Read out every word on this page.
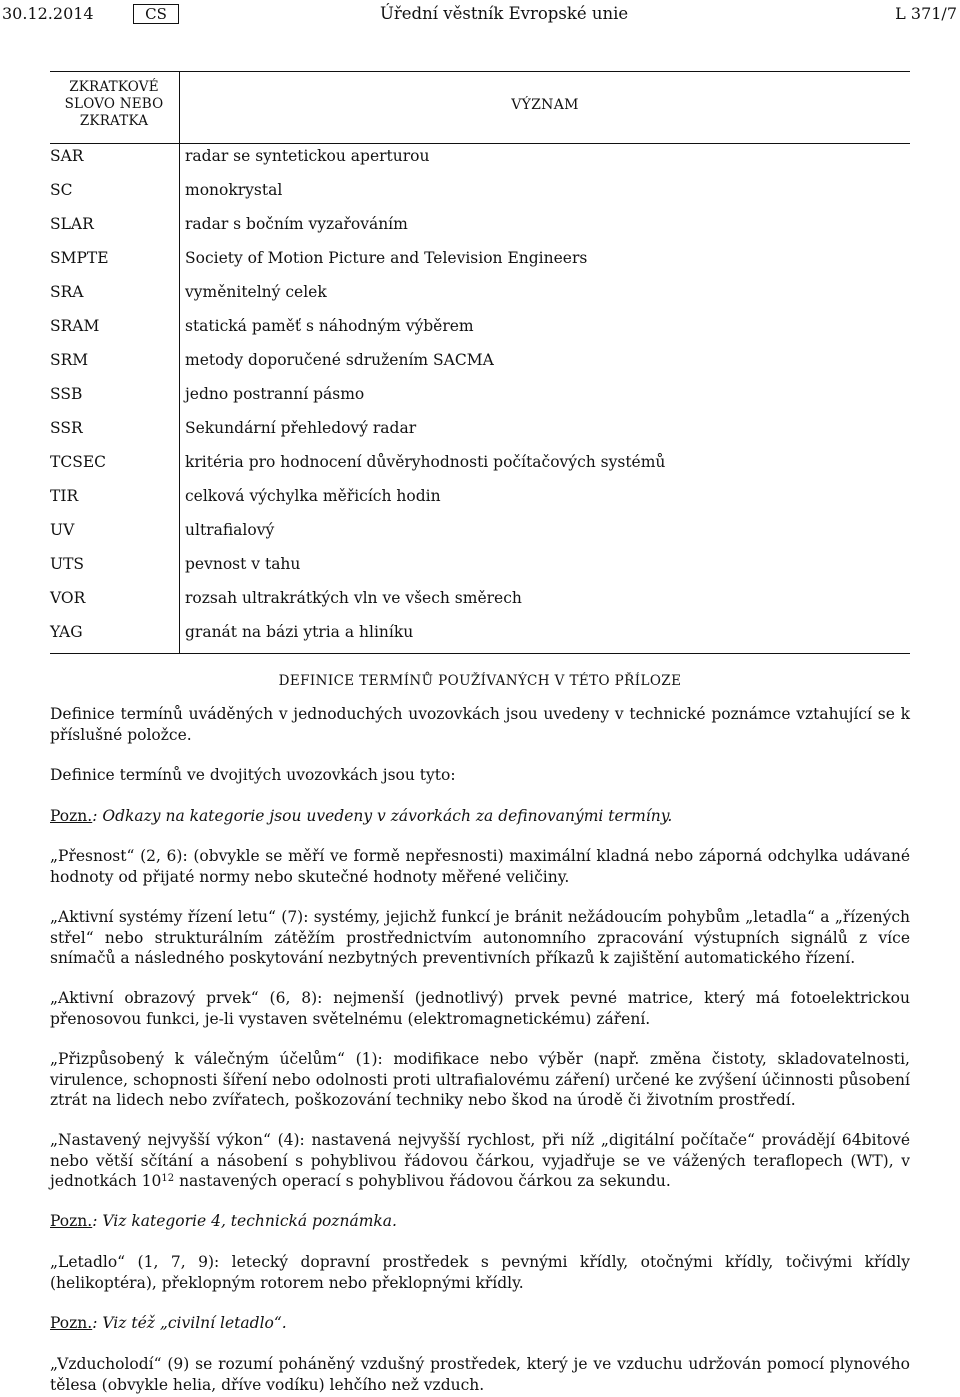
30.12.2014	CS	Úřední věstník Evropské unie	L 371/7
ZKRATKOVÉ SLOVO NEBO ZKRATKA
VÝZNAM
SAR	radar se syntetickou aperturou
SC	monokrystal
SLAR	radar s bočním vyzařováním
SMPTE	Society of Motion Picture and Television Engineers
SRA	vyměnitelný celek
SRAM	statická paměť s náhodným výběrem
SRM	metody doporučené sdružením SACMA
SSB	jedno postranní pásmo
SSR	Sekundární přehledový radar
TCSEC	kritéria pro hodnocení důvěryhodnosti počítačových systémů
TIR	celková výchylka měřicích hodin
UV	ultrafialový
UTS	pevnost v tahu
VOR	rozsah ultrakrátkých vln ve všech směrech
YAG	granát na bázi ytria a hliníku
DEFINICE TERMÍNŮ POUŽÍVANÝCH V TÉTO PŘÍLOZE

Definice termínů uváděných v jednoduchých uvozovkách jsou uvedeny v technické poznámce vztahující se k příslušné položce.

Definice termínů ve dvojitých uvozovkách jsou tyto:

Pozn.: Odkazy na kategorie jsou uvedeny v závorkách za definovanými termíny.

„Přesnost“ (2, 6): (obvykle se měří ve formě nepřesnosti) maximální kladná nebo záporná odchylka udávané hodnoty od přijaté normy nebo skutečné hodnoty měřené veličiny.

„Aktivní systémy řízení letu“ (7): systémy, jejichž funkcí je bránit nežádoucím pohybům „letadla“ a „řízených střel“ nebo strukturálním zátěžím prostřednictvím autonomního zpracování výstupních signálů z více snímačů a následného poskytování nezbytných preventivních příkazů k zajištění automatického řízení.

„Aktivní obrazový prvek“ (6, 8): nejmenší (jednotlivý) prvek pevné matrice, který má fotoelektrickou přenosovou funkci, je-li vystaven světelnému (elektromagnetickému) záření.

„Přizpůsobený k válečným účelům“ (1): modifikace nebo výběr (např. změna čistoty, skladovatelnosti, virulence, schopnosti šíření nebo odolnosti proti ultrafialovému záření) určené ke zvýšení účinnosti působení ztrát na lidech nebo zvířatech, poškozování techniky nebo škod na úrodě či životním prostředí.

„Nastavený nejvyšší výkon“ (4): nastavená nejvyšší rychlost, při níž „digitální počítače“ provádějí 64bitové nebo větší sčítání a násobení s pohyblivou řádovou čárkou, vyjadřuje se ve vážených teraflopech (WT), v jednotkách $10^{12}$ nastavených operací s pohyblivou řádovou čárkou za sekundu.

Pozn.: Viz kategorie 4, technická poznámka.

„Letadlo“ (1, 7, 9): letecký dopravní prostředek s pevnými křídly, otočnými křídly, točivými křídly (helikoptéra), překlopným rotorem nebo překlopnými křídly.

Pozn.: Viz též „civilní letadlo“.

„Vzducholodí“ (9) se rozumí poháněný vzdušný prostředek, který je ve vzduchu udržován pomocí plynového tělesa (obvykle helia, dříve vodíku) lehčího než vzduch.
